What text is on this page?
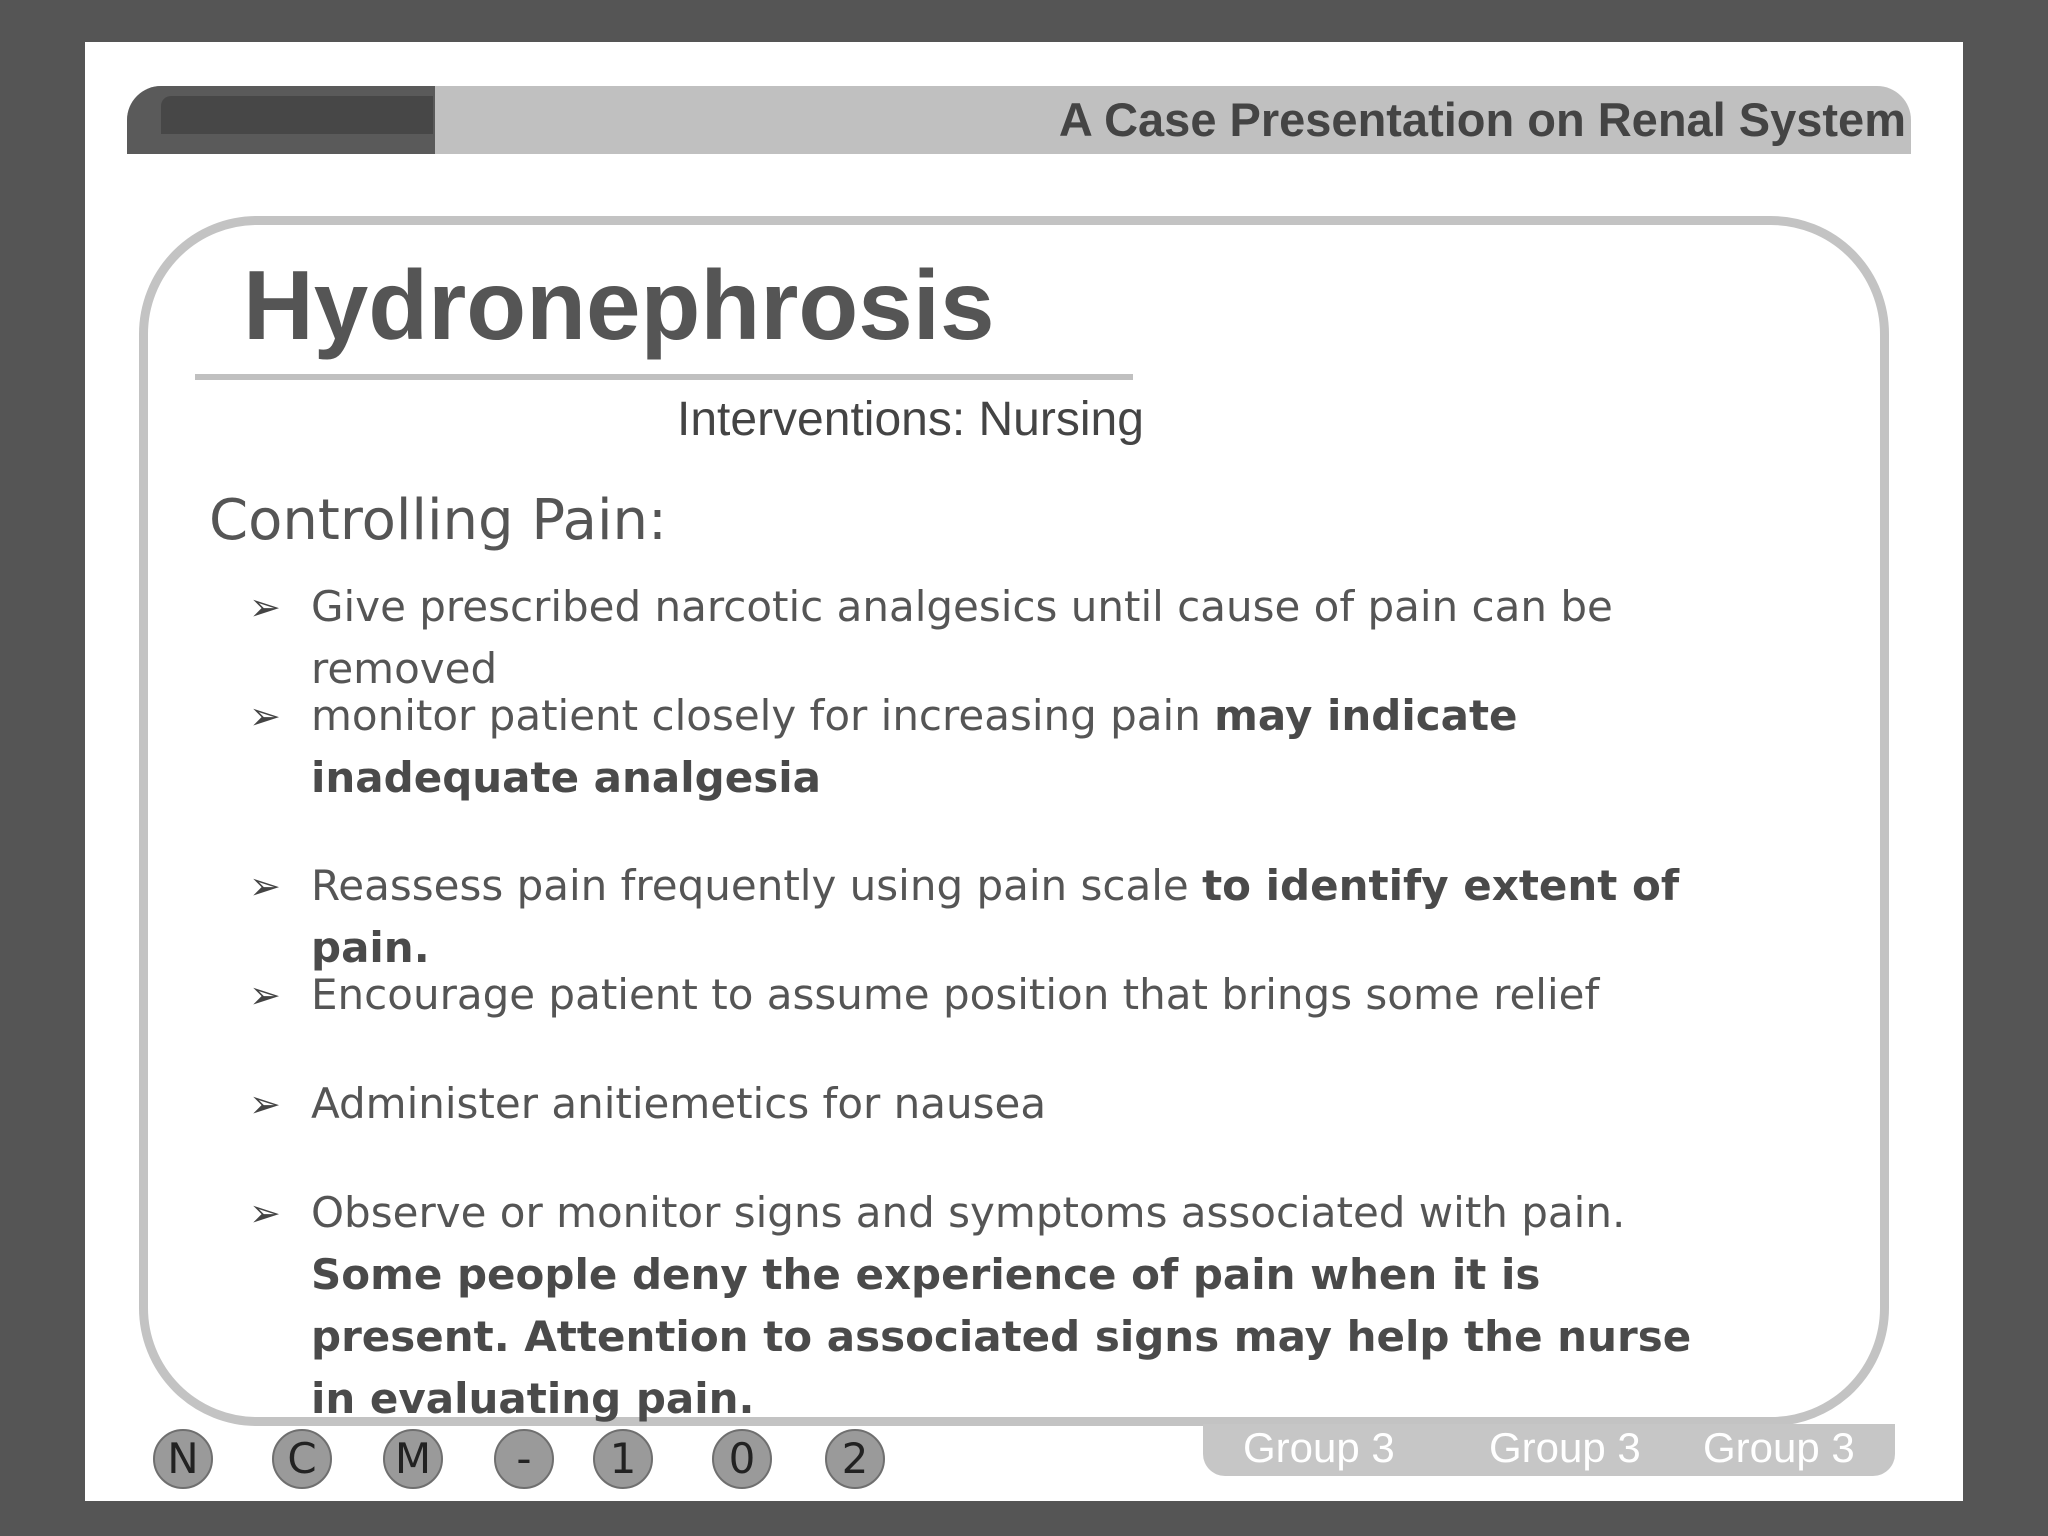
A Case Presentation on Renal System
Hydronephrosis
Interventions: Nursing
Controlling Pain:
➢ Give prescribed narcotic analgesics until cause of pain can be removed
➢ monitor patient closely for increasing pain may indicate inadequate analgesia
➢ Reassess pain frequently using pain scale to identify extent of pain.
➢ Encourage patient to assume position that brings some relief
➢ Administer anitiemetics for nausea
➢ Observe or monitor signs and symptoms associated with pain. Some people deny the experience of pain when it is present. Attention to associated signs may help the nurse in evaluating pain.
N	C	M	-	1	0	2	Group 3 Group 3 Group 3
